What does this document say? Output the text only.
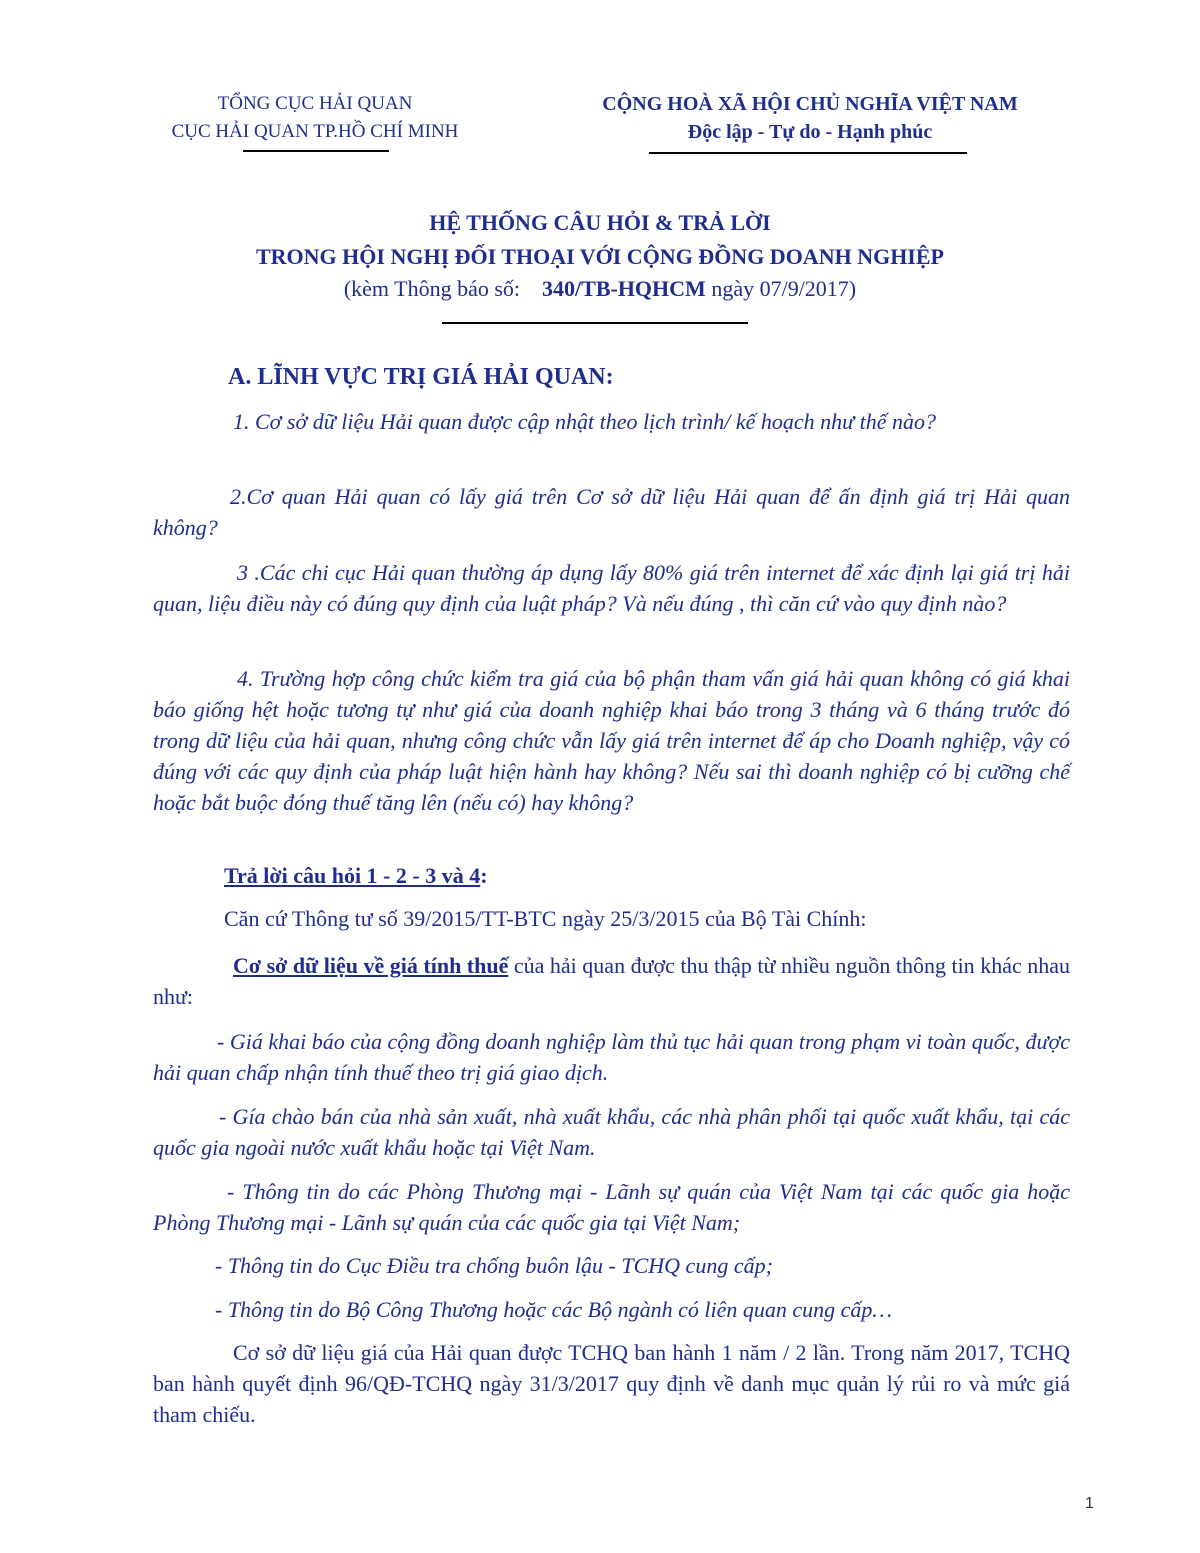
TỔNG CỤC HẢI QUAN
CỤC HẢI QUAN TP.HỒ CHÍ MINH
CỘNG HOÀ XÃ HỘI CHỦ NGHĨA VIỆT NAM
Độc lập - Tự do - Hạnh phúc
HỆ THỐNG CÂU HỎI & TRẢ LỜI
TRONG HỘI NGHỊ ĐỐI THOẠI VỚI CỘNG ĐỒNG DOANH NGHIỆP
(kèm Thông báo số: 340/TB-HQHCM ngày 07/9/2017)
A. LĨNH VỰC TRỊ GIÁ HẢI QUAN:
1. Cơ sở dữ liệu Hải quan được cập nhật theo lịch trình/ kế hoạch như thế nào?
2.Cơ quan Hải quan có lấy giá trên Cơ sở dữ liệu Hải quan để ấn định giá trị Hải quan không?
3 .Các chi cục Hải quan thường áp dụng lấy 80% giá trên internet để xác định lại giá trị hải quan, liệu điều này có đúng quy định của luật pháp? Và nếu đúng , thì căn cứ vào quy định nào?
4. Trường hợp công chức kiểm tra giá của bộ phận tham vấn giá hải quan không có giá khai báo giống hệt hoặc tương tự như giá của doanh nghiệp khai báo trong 3 tháng và 6 tháng trước đó trong dữ liệu của hải quan, nhưng công chức vẫn lấy giá trên internet để áp cho Doanh nghiệp, vậy có đúng với các quy định của pháp luật hiện hành hay không? Nếu sai thì doanh nghiệp có bị cưỡng chế hoặc bắt buộc đóng thuế tăng lên (nếu có) hay không?
Trả lời câu hỏi 1 - 2 - 3 và 4:
Căn cứ Thông tư số 39/2015/TT-BTC ngày 25/3/2015 của Bộ Tài Chính:
Cơ sở dữ liệu về giá tính thuế của hải quan được thu thập từ nhiều nguồn thông tin khác nhau như:
- Giá khai báo của cộng đồng doanh nghiệp làm thủ tục hải quan trong phạm vi toàn quốc, được hải quan chấp nhận tính thuế theo trị giá giao dịch.
- Gía chào bán của nhà sản xuất, nhà xuất khẩu, các nhà phân phối tại quốc xuất khẩu, tại các quốc gia ngoài nước xuất khẩu hoặc tại Việt Nam.
- Thông tin do các Phòng Thương mại - Lãnh sự quán của Việt Nam tại các quốc gia hoặc Phòng Thương mại - Lãnh sự quán của các quốc gia tại Việt Nam;
- Thông tin do Cục Điều tra chống buôn lậu - TCHQ cung cấp;
- Thông tin do Bộ Công Thương hoặc các Bộ ngành có liên quan cung cấp…
Cơ sở dữ liệu giá của Hải quan được TCHQ ban hành 1 năm / 2 lần. Trong năm 2017, TCHQ ban hành quyết định 96/QĐ-TCHQ ngày 31/3/2017 quy định về danh mục quản lý rủi ro và mức giá tham chiếu.
1
